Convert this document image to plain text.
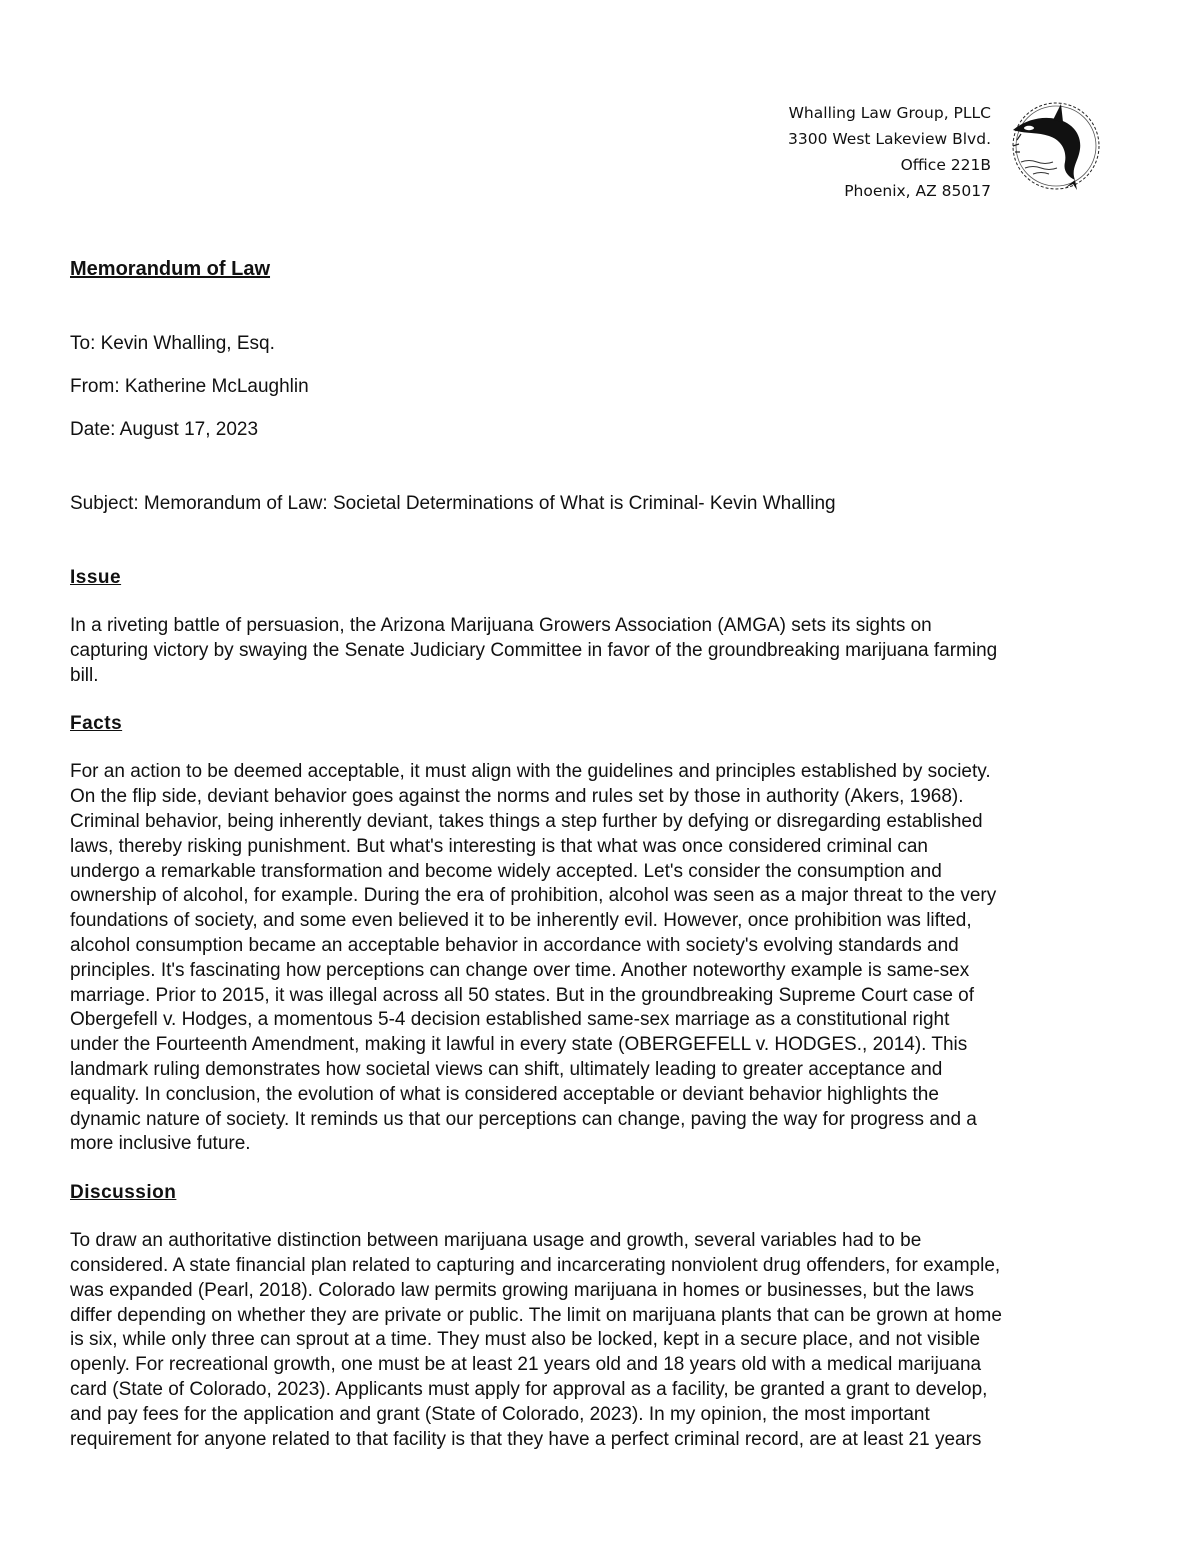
Whalling Law Group, PLLC
3300 West Lakeview Blvd.
Office 221B
Phoenix, AZ 85017
Memorandum of Law

To: Kevin Whalling, Esq.

From: Katherine McLaughlin

Date: August 17, 2023

Subject: Memorandum of Law: Societal Determinations of What is Criminal- Kevin Whalling

Issue
In a riveting battle of persuasion, the Arizona Marijuana Growers Association (AMGA) sets its sights on
capturing victory by swaying the Senate Judiciary Committee in favor of the groundbreaking marijuana farming
bill.
Facts
For an action to be deemed acceptable, it must align with the guidelines and principles established by society.
On the flip side, deviant behavior goes against the norms and rules set by those in authority (Akers, 1968).
Criminal behavior, being inherently deviant, takes things a step further by defying or disregarding established
laws, thereby risking punishment. But what's interesting is that what was once considered criminal can
undergo a remarkable transformation and become widely accepted. Let's consider the consumption and
ownership of alcohol, for example. During the era of prohibition, alcohol was seen as a major threat to the very
foundations of society, and some even believed it to be inherently evil. However, once prohibition was lifted,
alcohol consumption became an acceptable behavior in accordance with society's evolving standards and
principles. It's fascinating how perceptions can change over time. Another noteworthy example is same-sex
marriage. Prior to 2015, it was illegal across all 50 states. But in the groundbreaking Supreme Court case of
Obergefell v. Hodges, a momentous 5-4 decision established same-sex marriage as a constitutional right
under the Fourteenth Amendment, making it lawful in every state (OBERGEFELL v. HODGES., 2014). This
landmark ruling demonstrates how societal views can shift, ultimately leading to greater acceptance and
equality. In conclusion, the evolution of what is considered acceptable or deviant behavior highlights the
dynamic nature of society. It reminds us that our perceptions can change, paving the way for progress and a
more inclusive future.
Discussion
To draw an authoritative distinction between marijuana usage and growth, several variables had to be
considered. A state financial plan related to capturing and incarcerating nonviolent drug offenders, for example,
was expanded (Pearl, 2018). Colorado law permits growing marijuana in homes or businesses, but the laws
differ depending on whether they are private or public. The limit on marijuana plants that can be grown at home
is six, while only three can sprout at a time. They must also be locked, kept in a secure place, and not visible
openly. For recreational growth, one must be at least 21 years old and 18 years old with a medical marijuana
card (State of Colorado, 2023). Applicants must apply for approval as a facility, be granted a grant to develop,
and pay fees for the application and grant (State of Colorado, 2023). In my opinion, the most important
requirement for anyone related to that facility is that they have a perfect criminal record, are at least 21 years
